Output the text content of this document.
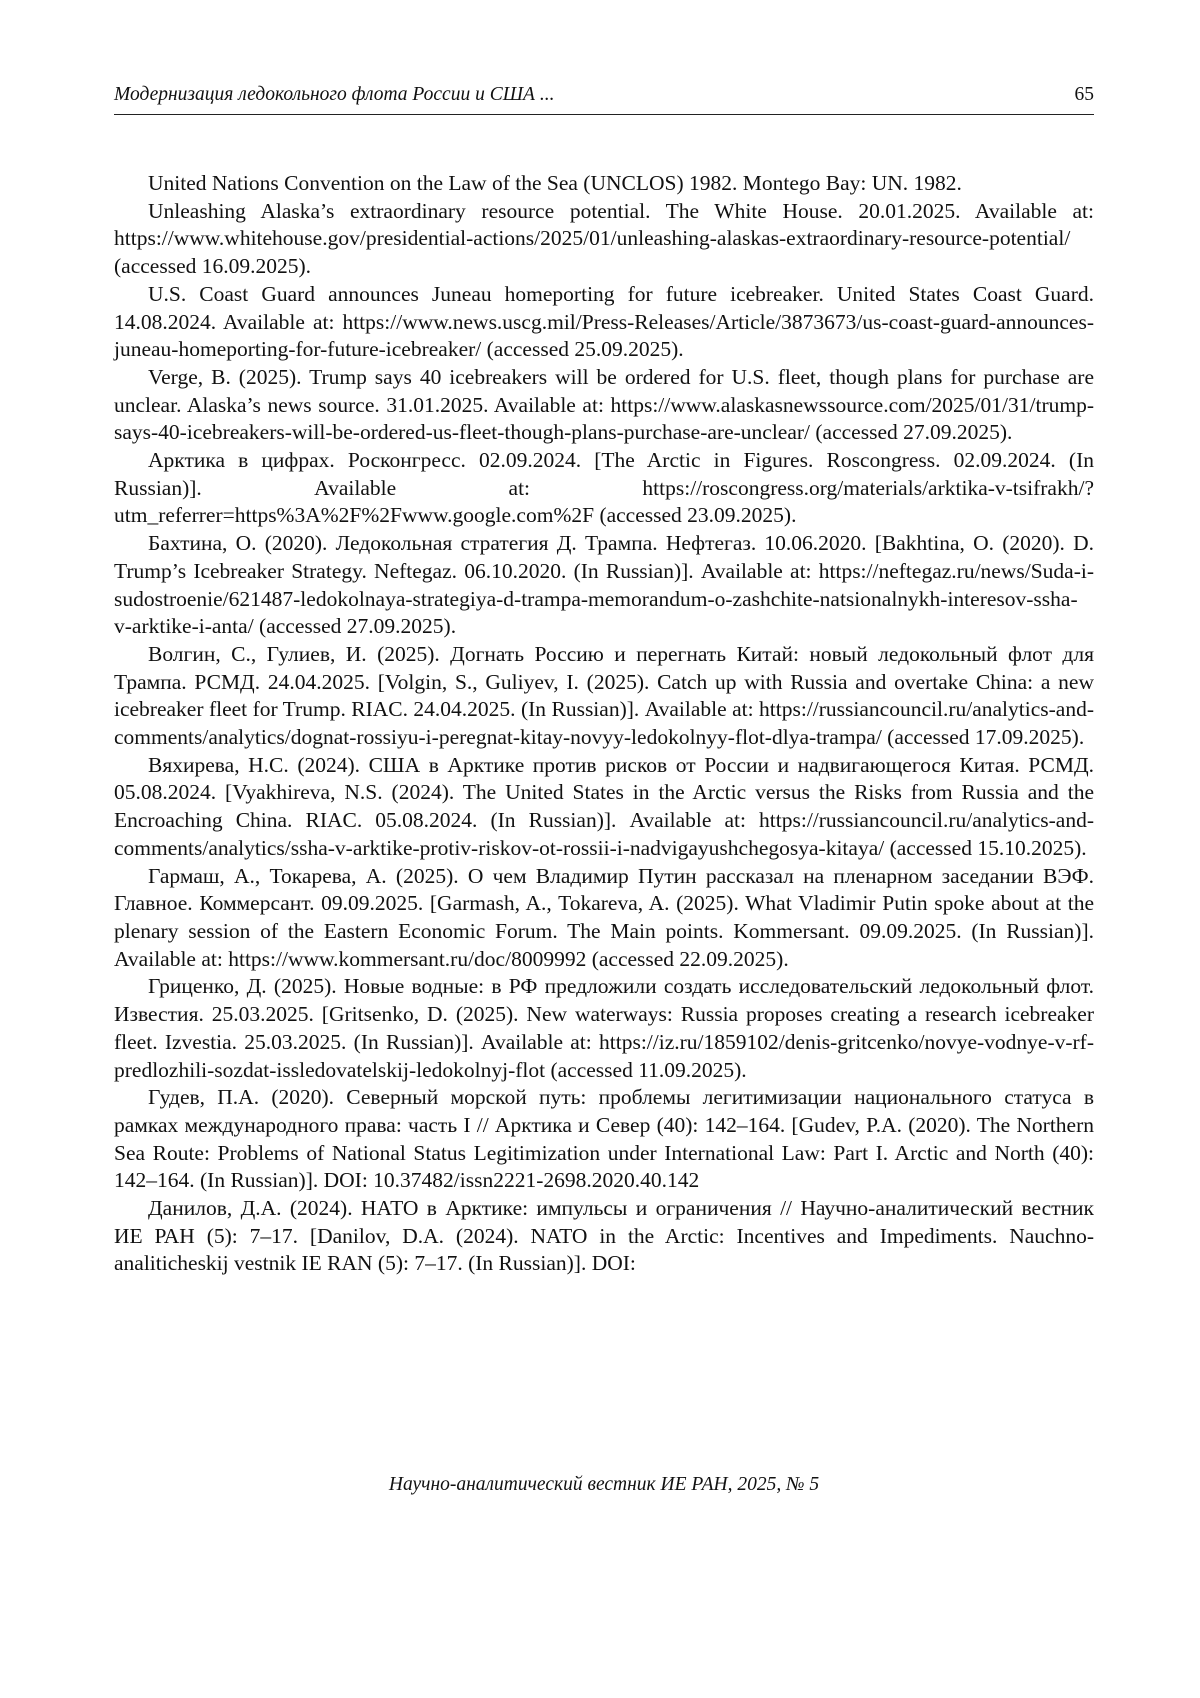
Модернизация ледокольного флота России и США ...	65

United Nations Convention on the Law of the Sea (UNCLOS) 1982. Montego Bay: UN. 1982.

Unleashing Alaska’s extraordinary resource potential. The White House. 20.01.2025. Available at: https://www.whitehouse.gov/presidential-actions/2025/01/unleashing-alaskas-extraordinary-resource-potential/ (accessed 16.09.2025).

U.S. Coast Guard announces Juneau homeporting for future icebreaker. United States Coast Guard. 14.08.2024. Available at: https://www.news.uscg.mil/Press-Releases/Article/3873673/us-coast-guard-announces-juneau-homeporting-for-future-icebreaker/ (accessed 25.09.2025).

Verge, B. (2025). Trump says 40 icebreakers will be ordered for U.S. fleet, though plans for purchase are unclear. Alaska’s news source. 31.01.2025. Available at: https://www.alaskasnewssource.com/2025/01/31/trump-says-40-icebreakers-will-be-ordered-us-fleet-though-plans-purchase-are-unclear/ (accessed 27.09.2025).

Арктика в цифрах. Росконгресс. 02.09.2024. [The Arctic in Figures. Roscongress. 02.09.2024. (In Russian)]. Available at: https://roscongress.org/materials/arktika-v-tsifrakh/?utm_referrer=https%3A%2F%2Fwww.google.com%2F (accessed 23.09.2025).

Бахтина, О. (2020). Ледокольная стратегия Д. Трампа. Нефтегаз. 10.06.2020. [Bakhtina, O. (2020). D. Trump’s Icebreaker Strategy. Neftegaz. 06.10.2020. (In Russian)]. Available at: https://neftegaz.ru/news/Suda-i-sudostroenie/621487-ledokolnaya-strategiya-d-trampa-memorandum-o-zashchite-natsionalnykh-interesov-ssha-v-arktike-i-anta/ (accessed 27.09.2025).

Волгин, С., Гулиев, И. (2025). Догнать Россию и перегнать Китай: новый ледокольный флот для Трампа. РСМД. 24.04.2025. [Volgin, S., Guliyev, I. (2025). Catch up with Russia and overtake China: a new icebreaker fleet for Trump. RIAC. 24.04.2025. (In Russian)]. Available at: https://russiancouncil.ru/analytics-and-comments/analytics/dognat-rossiyu-i-peregnat-kitay-novyy-ledokolnyy-flot-dlya-trampa/ (accessed 17.09.2025).

Вяхирева, Н.С. (2024). США в Арктике против рисков от России и надвигающегося Китая. РСМД. 05.08.2024. [Vyakhireva, N.S. (2024). The United States in the Arctic versus the Risks from Russia and the Encroaching China. RIAC. 05.08.2024. (In Russian)]. Available at: https://russiancouncil.ru/analytics-and-comments/analytics/ssha-v-arktike-protiv-riskov-ot-rossii-i-nadvigayushchegosya-kitaya/ (accessed 15.10.2025).

Гармаш, А., Токарева, А. (2025). О чем Владимир Путин рассказал на пленарном заседании ВЭФ. Главное. Коммерсант. 09.09.2025. [Garmash, A., Tokareva, A. (2025). What Vladimir Putin spoke about at the plenary session of the Eastern Economic Forum. The Main points. Kommersant. 09.09.2025. (In Russian)]. Available at: https://www.kommersant.ru/doc/8009992 (accessed 22.09.2025).

Гриценко, Д. (2025). Новые водные: в РФ предложили создать исследовательский ледокольный флот. Известия. 25.03.2025. [Gritsenko, D. (2025). New waterways: Russia proposes creating a research icebreaker fleet. Izvestia. 25.03.2025. (In Russian)]. Available at: https://iz.ru/1859102/denis-gritcenko/novye-vodnye-v-rf-predlozhili-sozdat-issledovatelskij-ledokolnyj-flot (accessed 11.09.2025).

Гудев, П.А. (2020). Северный морской путь: проблемы легитимизации национального статуса в рамках международного права: часть I // Арктика и Север (40): 142–164. [Gudev, P.A. (2020). The Northern Sea Route: Problems of National Status Legitimization under International Law: Part I. Arctic and North (40): 142–164. (In Russian)]. DOI: 10.37482/issn2221-2698.2020.40.142

Данилов, Д.А. (2024). НАТО в Арктике: импульсы и ограничения // Научно-аналитический вестник ИЕ РАН (5): 7–17. [Danilov, D.A. (2024). NATO in the Arctic: Incentives and Impediments. Nauchno-analiticheskij vestnik IE RAN (5): 7–17. (In Russian)]. DOI:

Научно-аналитический вестник ИЕ РАН, 2025, № 5
